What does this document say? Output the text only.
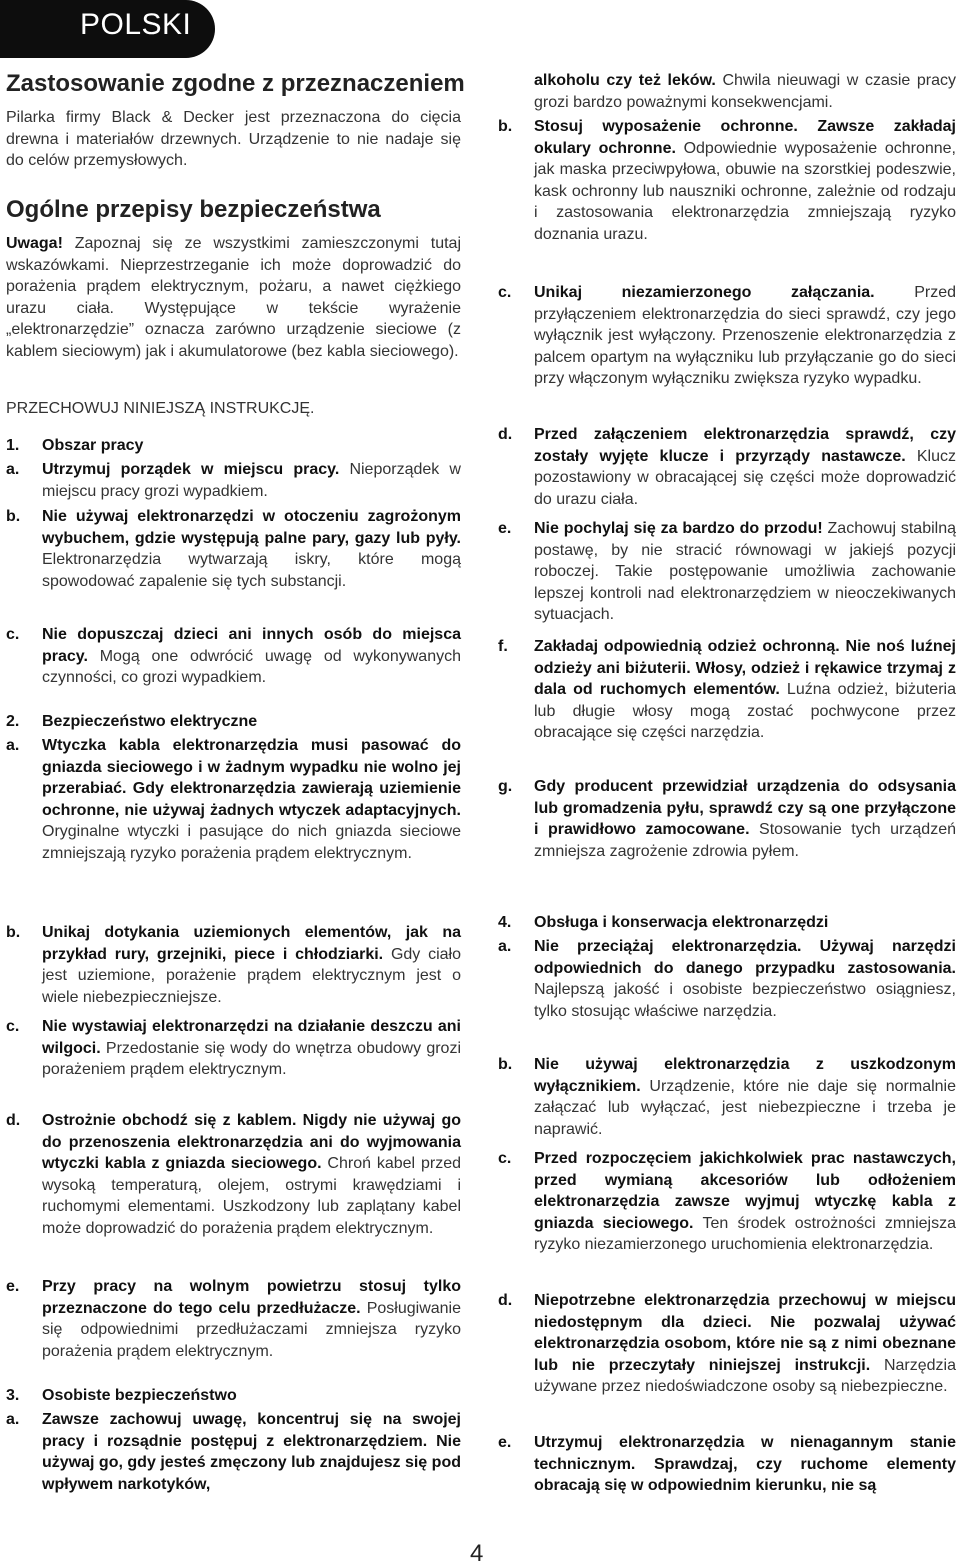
POLSKI
Zastosowanie zgodne z przeznaczeniem
Pilarka firmy Black & Decker jest przeznaczona do cięcia drewna i materiałów drzewnych. Urządzenie to nie nadaje się do celów przemysłowych.
Ogólne przepisy bezpieczeństwa
Uwaga! Zapoznaj się ze wszystkimi zamieszczonymi tutaj wskazówkami. Nieprzestrzeganie ich może doprowadzić do porażenia prądem elektrycznym, pożaru, a nawet ciężkiego urazu ciała. Występujące w tekście wyrażenie „elektronarzędzie” oznacza zarówno urządzenie sieciowe (z kablem sieciowym) jak i akumulatorowe (bez kabla sieciowego).
PRZECHOWUJ NINIEJSZĄ INSTRUKCJĘ.
1. Obszar pracy
a. Utrzymuj porządek w miejscu pracy. Nieporządek w miejscu pracy grozi wypadkiem.
b. Nie używaj elektronarzędzi w otoczeniu zagrożonym wybuchem, gdzie występują palne pary, gazy lub pyły. Elektronarzędzia wytwarzają iskry, które mogą spowodować zapalenie się tych substancji.
c. Nie dopuszczaj dzieci ani innych osób do miejsca pracy. Mogą one odwrócić uwagę od wykonywanych czynności, co grozi wypadkiem.
2. Bezpieczeństwo elektryczne
a. Wtyczka kabla elektronarzędzia musi pasować do gniazda sieciowego i w żadnym wypadku nie wolno jej przerabiać. Gdy elektronarzędzia zawierają uziemienie ochronne, nie używaj żadnych wtyczek adaptacyjnych. Oryginalne wtyczki i pasujące do nich gniazda sieciowe zmniejszają ryzyko porażenia prądem elektrycznym.
b. Unikaj dotykania uziemionych elementów, jak na przykład rury, grzejniki, piece i chłodziarki. Gdy ciało jest uziemione, porażenie prądem elektrycznym jest o wiele niebezpieczniejsze.
c. Nie wystawiaj elektronarzędzi na działanie deszczu ani wilgoci. Przedostanie się wody do wnętrza obudowy grozi porażeniem prądem elektrycznym.
d. Ostrożnie obchodź się z kablem. Nigdy nie używaj go do przenoszenia elektronarzędzia ani do wyjmowania wtyczki kabla z gniazda sieciowego. Chroń kabel przed wysoką temperaturą, olejem, ostrymi krawędziami i ruchomymi elementami. Uszkodzony lub zaplątany kabel może doprowadzić do porażenia prądem elektrycznym.
e. Przy pracy na wolnym powietrzu stosuj tylko przeznaczone do tego celu przedłużacze. Posługiwanie się odpowiednimi przedłużaczami zmniejsza ryzyko porażenia prądem elektrycznym.
3. Osobiste bezpieczeństwo
a. Zawsze zachowuj uwagę, koncentruj się na swojej pracy i rozsądnie postępuj z elektronarzędziem. Nie używaj go, gdy jesteś zmęczony lub znajdujesz się pod wpływem narkotyków,
alkoholu czy też leków. Chwila nieuwagi w czasie pracy grozi bardzo poważnymi konsekwencjami.
b. Stosuj wyposażenie ochronne. Zawsze zakładaj okulary ochronne. Odpowiednie wyposażenie ochronne, jak maska przeciwpyłowa, obuwie na szorstkiej podeszwie, kask ochronny lub nausznikі ochronne, zależnie od rodzaju i zastosowania elektronarzędzia zmniejszają ryzyko doznania urazu.
c. Unikaj niezamierzonego załączania. Przed przyłączeniem elektronarzędzia do sieci sprawdź, czy jego wyłącznik jest wyłączony. Przenoszenie elektronarzędzia z palcem opartym na wyłączniku lub przyłączanie go do sieci przy włączonym wyłączniku zwiększa ryzyko wypadku.
d. Przed załączeniem elektronarzędzia sprawdź, czy zostały wyjęte klucze i przyrządy nastawcze. Klucz pozostawiony w obracającej się części może doprowadzić do urazu ciała.
e. Nie pochylaj się za bardzo do przodu! Zachowuj stabilną postawę, by nie stracić równowagi w jakiejś pozycji roboczej. Takie postępowanie umożliwia zachowanie lepszej kontroli nad elektronarzędziem w nieoczekiwanych sytuacjach.
f. Zakładaj odpowiednią odzież ochronną. Nie noś luźnej odzieży ani biżuterii. Włosy, odzież i rękawice trzymaj z dala od ruchomych elementów. Luźna odzież, biżuteria lub długie włosy mogą zostać pochwycone przez obracające się części narzędzia.
g. Gdy producent przewidział urządzenia do odsysania lub gromadzenia pyłu, sprawdź czy są one przyłączone i prawidłowo zamocowane. Stosowanie tych urządzeń zmniejsza zagrożenie zdrowia pyłem.
4. Obsługa i konserwacja elektronarzędzi
a. Nie przeciążaj elektronarzędzia. Używaj narzędzi odpowiednich do danego przypadku zastosowania. Najlepszą jakość i osobiste bezpieczeństwo osiągniesz, tylko stosując właściwe narzędzia.
b. Nie używaj elektronarzędzia z uszkodzonym wyłącznikiem. Urządzenie, które nie daje się normalnie załączać lub wyłączać, jest niebezpieczne i trzeba je naprawić.
c. Przed rozpoczęciem jakichkolwiek prac nastawczych, przed wymianą akcesoriów lub odłożeniem elektronarzędzia zawsze wyjmuj wtyczkę kabla z gniazda sieciowego. Ten środek ostrożności zmniejsza ryzyko niezamierzonego uruchomienia elektronarzędzia.
d. Niepotrzebne elektronarzędzia przechowuj w miejscu niedostępnym dla dzieci. Nie pozwalaj używać elektronarzędzia osobom, które nie są z nimi obeznane lub nie przeczytały niniejszej instrukcji. Narzędzia używane przez niedoświadczone osoby są niebezpieczne.
e. Utrzymuj elektronarzędzia w nienagannym stanie technicznym. Sprawdzaj, czy ruchome elementy obracają się w odpowiednim kierunku, nie są
4
